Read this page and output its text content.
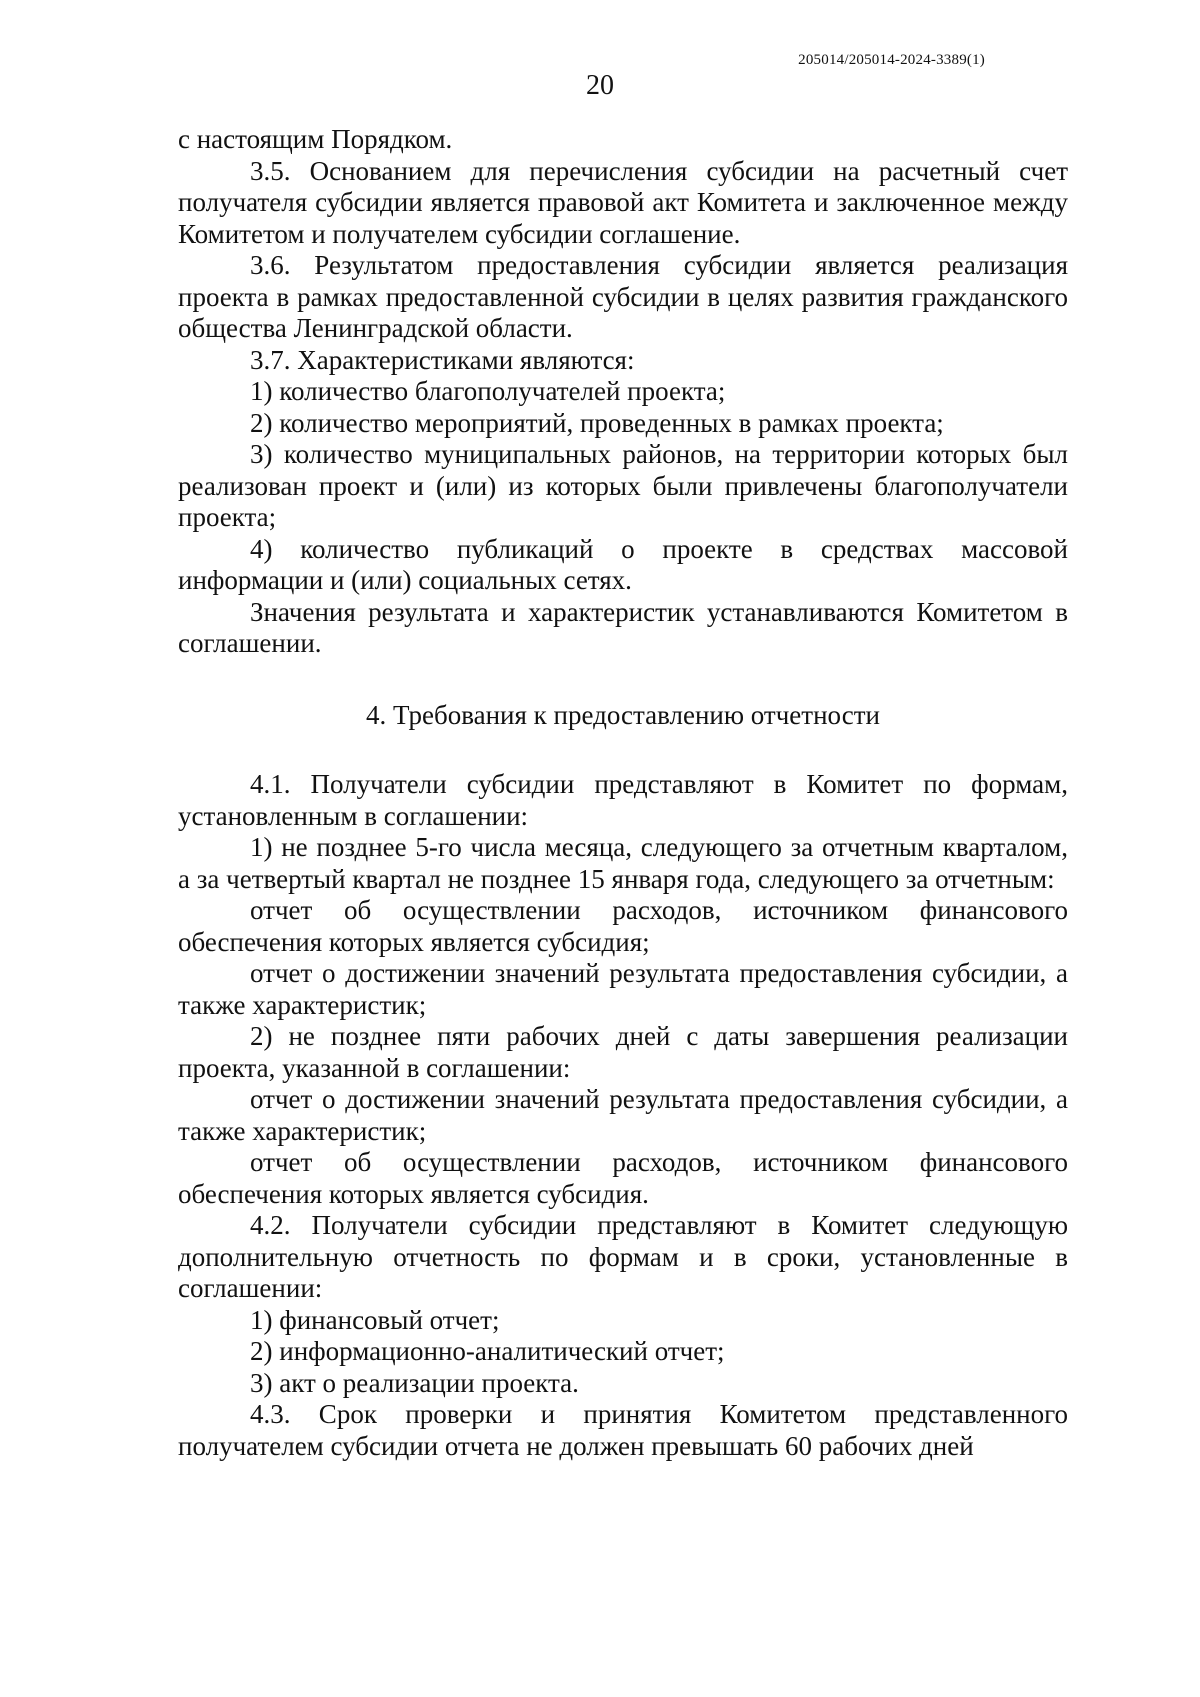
205014/205014-2024-3389(1)
20

с настоящим Порядком.

3.5. Основанием для перечисления субсидии на расчетный счет получателя субсидии является правовой акт Комитета и заключенное между Комитетом и получателем субсидии соглашение.

3.6. Результатом предоставления субсидии является реализация проекта в рамках предоставленной субсидии в целях развития гражданского общества Ленинградской области.

3.7. Характеристиками являются:

1) количество благополучателей проекта;

2) количество мероприятий, проведенных в рамках проекта;

3) количество муниципальных районов, на территории которых был реализован проект и (или) из которых были привлечены благополучатели проекта;

4) количество публикаций о проекте в средствах массовой информации и (или) социальных сетях.

Значения результата и характеристик устанавливаются Комитетом в соглашении.

4. Требования к предоставлению отчетности

4.1. Получатели субсидии представляют в Комитет по формам, установленным в соглашении:

1) не позднее 5-го числа месяца, следующего за отчетным кварталом, а за четвертый квартал не позднее 15 января года, следующего за отчетным:

отчет об осуществлении расходов, источником финансового обеспечения которых является субсидия;

отчет о достижении значений результата предоставления субсидии, а также характеристик;

2) не позднее пяти рабочих дней с даты завершения реализации проекта, указанной в соглашении:

отчет о достижении значений результата предоставления субсидии, а также характеристик;

отчет об осуществлении расходов, источником финансового обеспечения которых является субсидия.

4.2. Получатели субсидии представляют в Комитет следующую дополнительную отчетность по формам и в сроки, установленные в соглашении:

1) финансовый отчет;

2) информационно-аналитический отчет;

3) акт о реализации проекта.

4.3. Срок проверки и принятия Комитетом представленного получателем субсидии отчета не должен превышать 60 рабочих дней
